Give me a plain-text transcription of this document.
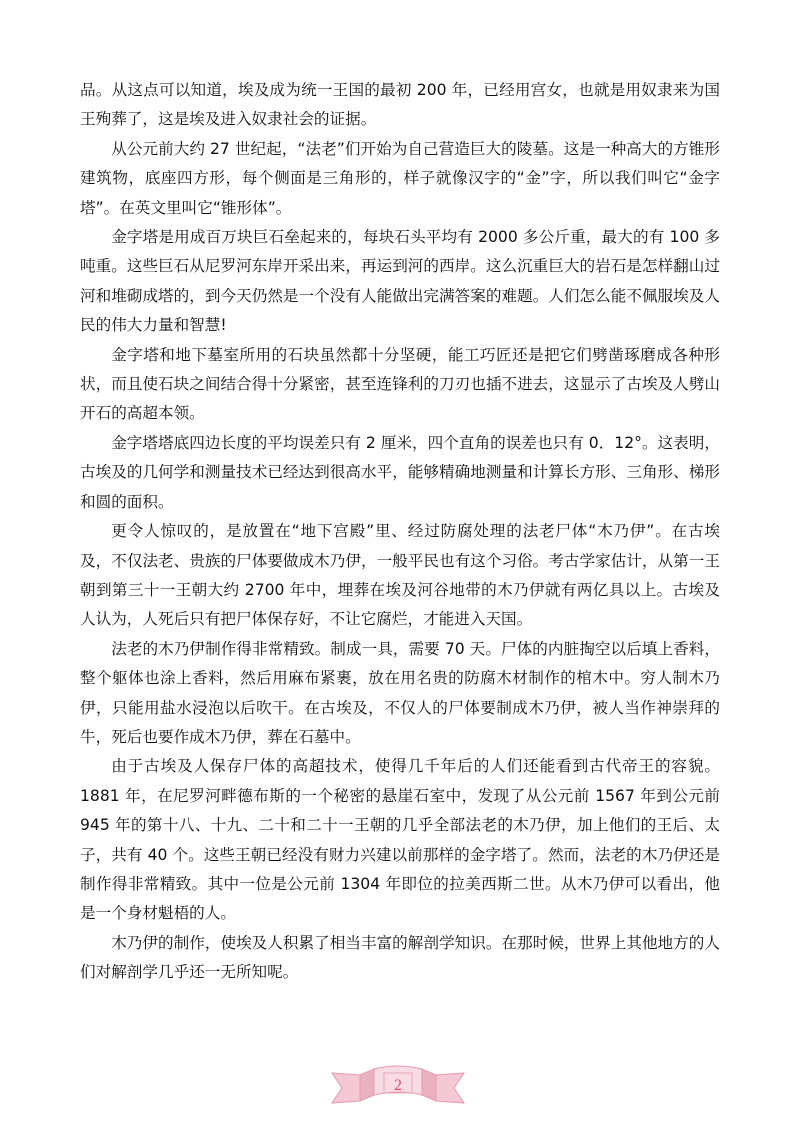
品。从这点可以知道，埃及成为统一王国的最初 200 年，已经用宫女，也就是用奴隶来为国王殉葬了，这是埃及进入奴隶社会的证据。

从公元前大约 27 世纪起，“法老”们开始为自己营造巨大的陵墓。这是一种高大的方锥形建筑物，底座四方形，每个侧面是三角形的，样子就像汉字的“金”字，所以我们叫它“金字塔”。在英文里叫它“锥形体”。

金字塔是用成百万块巨石垒起来的，每块石头平均有 2000 多公斤重，最大的有 100 多吨重。这些巨石从尼罗河东岸开采出来，再运到河的西岸。这么沉重巨大的岩石是怎样翻山过河和堆砌成塔的，到今天仍然是一个没有人能做出完满答案的难题。人们怎么能不佩服埃及人民的伟大力量和智慧!

金字塔和地下墓室所用的石块虽然都十分坚硬，能工巧匠还是把它们劈凿琢磨成各种形状，而且使石块之间结合得十分紧密，甚至连锋利的刀刃也插不进去，这显示了古埃及人劈山开石的高超本领。

金字塔塔底四边长度的平均误差只有 2 厘米，四个直角的误差也只有 0．12°。这表明，古埃及的几何学和测量技术已经达到很高水平，能够精确地测量和计算长方形、三角形、梯形和圆的面积。

更令人惊叹的，是放置在“地下宫殿”里、经过防腐处理的法老尸体“木乃伊”。在古埃及，不仅法老、贵族的尸体要做成木乃伊，一般平民也有这个习俗。考古学家估计，从第一王朝到第三十一王朝大约 2700 年中，埋葬在埃及河谷地带的木乃伊就有两亿具以上。古埃及人认为，人死后只有把尸体保存好，不让它腐烂，才能进入天国。

法老的木乃伊制作得非常精致。制成一具，需要 70 天。尸体的内脏掏空以后填上香料，整个躯体也涂上香料，然后用麻布紧裹，放在用名贵的防腐木材制作的棺木中。穷人制木乃伊，只能用盐水浸泡以后吹干。在古埃及，不仅人的尸体要制成木乃伊，被人当作神崇拜的牛，死后也要作成木乃伊，葬在石墓中。

由于古埃及人保存尸体的高超技术，使得几千年后的人们还能看到古代帝王的容貌。1881 年，在尼罗河畔德布斯的一个秘密的悬崖石室中，发现了从公元前 1567 年到公元前 945 年的第十八、十九、二十和二十一王朝的几乎全部法老的木乃伊，加上他们的王后、太子，共有 40 个。这些王朝已经没有财力兴建以前那样的金字塔了。然而，法老的木乃伊还是制作得非常精致。其中一位是公元前 1304 年即位的拉美西斯二世。从木乃伊可以看出，他是一个身材魁梧的人。

木乃伊的制作，使埃及人积累了相当丰富的解剖学知识。在那时候，世界上其他地方的人们对解剖学几乎还一无所知呢。

2
